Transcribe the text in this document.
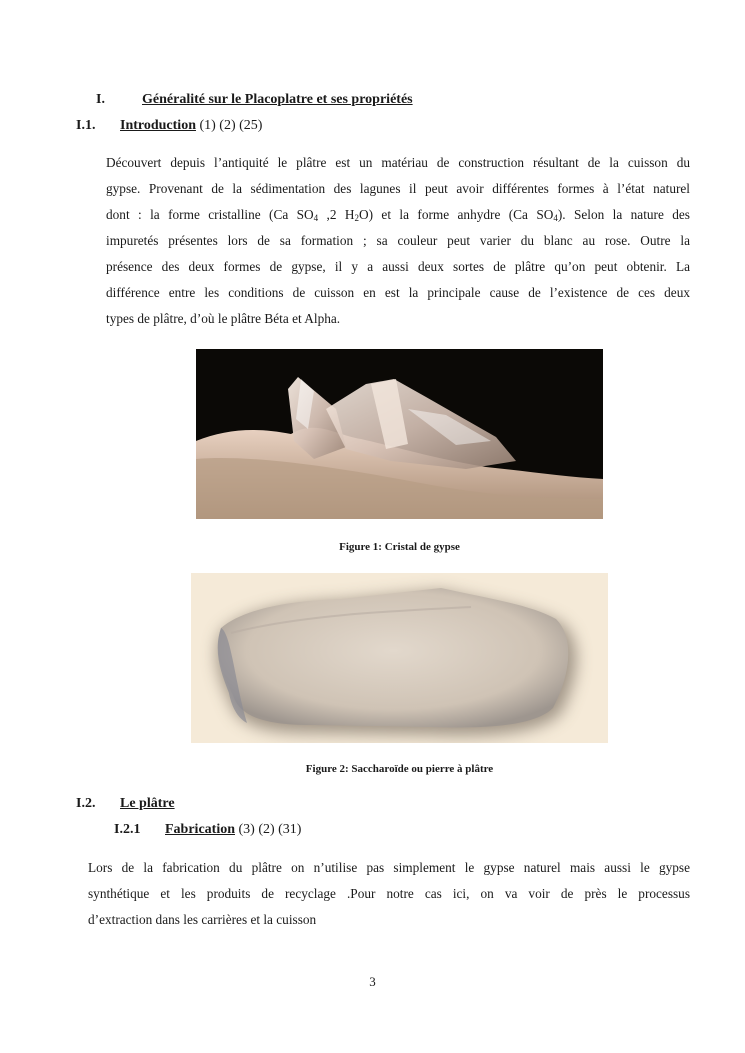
I.	Généralité sur le Placoplatre et ses propriétés
I.1. Introduction (1) (2) (25)
Découvert depuis l’antiquité le plâtre est un matériau de construction résultant de la cuisson du
gypse. Provenant de la sédimentation des lagunes il peut avoir différentes formes à l’état naturel
dont : la forme cristalline (Ca $SO_4$ ,2 $H_2O$) et la forme anhydre (Ca $SO_4$). Selon la nature des
impuretés présentes lors de sa formation ; sa couleur peut varier du blanc au rose. Outre la
présence des deux formes de gypse, il y a aussi deux sortes de plâtre qu’on peut obtenir. La
différence entre les conditions de cuisson en est la principale cause de l’existence de ces deux
types de plâtre, d’où le plâtre Béta et Alpha.
Figure 1: Cristal de gypse
Figure 2: Saccharoïde ou pierre à plâtre
I.2. Le plâtre
I.2.1 Fabrication (3) (2) (31)
Lors de la fabrication du plâtre on n’utilise pas simplement le gypse naturel mais aussi le gypse
synthétique et les produits de recyclage .Pour notre cas ici, on va voir de près le processus
d’extraction dans les carrières et la cuisson
3
